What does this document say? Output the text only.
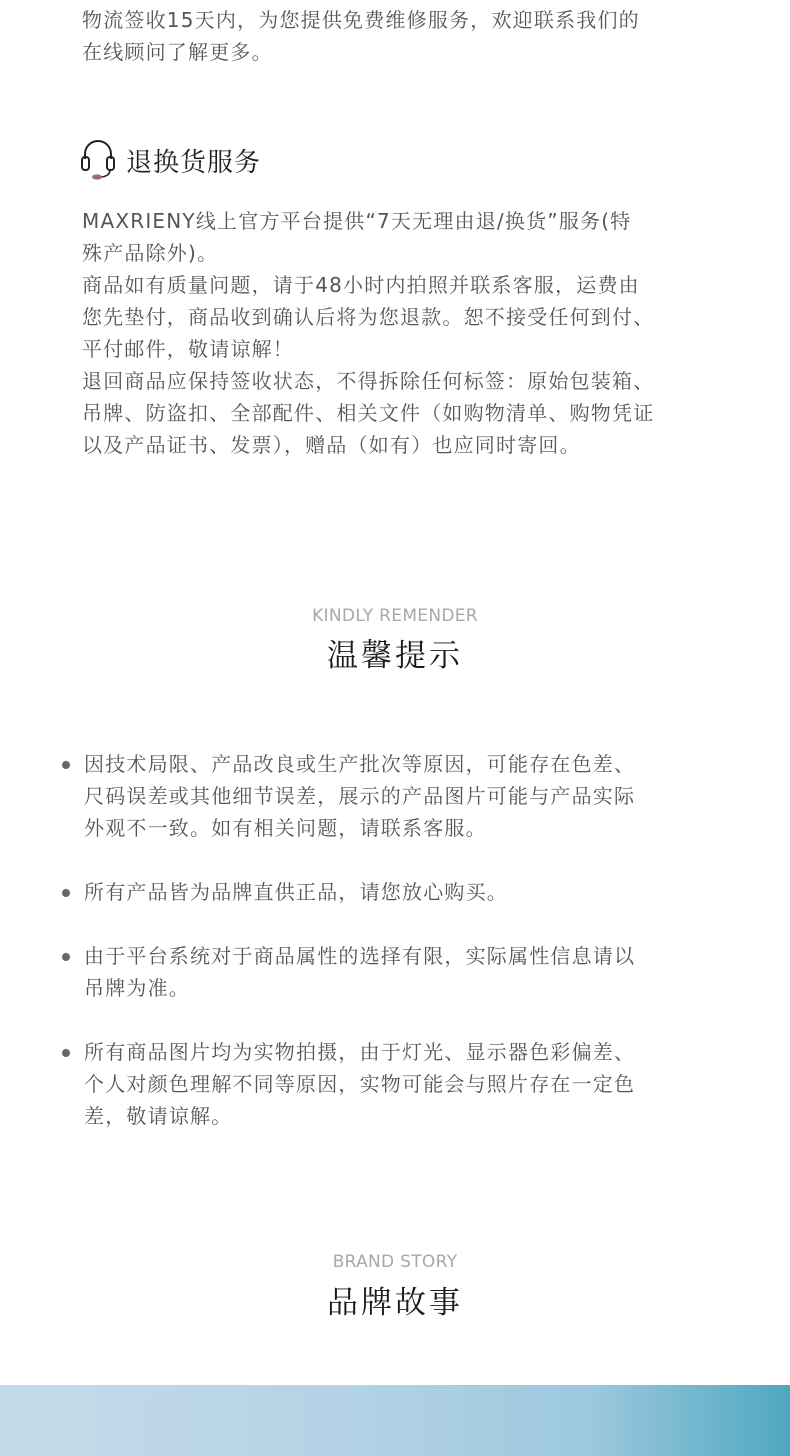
物流签收15天内，为您提供免费维修服务，欢迎联系我们的
在线顾问了解更多。
退换货服务
MAXRIENY线上官方平台提供“7天无理由退/换货”服务(特
殊产品除外)。
商品如有质量问题，请于48小时内拍照并联系客服，运费由
您先垫付，商品收到确认后将为您退款。恕不接受任何到付、
平付邮件，敬请谅解！
退回商品应保持签收状态，不得拆除任何标签：原始包装箱、
吊牌、防盗扣、全部配件、相关文件（如购物清单、购物凭证
以及产品证书、发票），赠品（如有）也应同时寄回。
KINDLY REMENDER
温馨提示
因技术局限、产品改良或生产批次等原因，可能存在色差、
尺码误差或其他细节误差，展示的产品图片可能与产品实际
外观不一致。如有相关问题，请联系客服。
所有产品皆为品牌直供正品，请您放心购买。
由于平台系统对于商品属性的选择有限，实际属性信息请以
吊牌为准。
所有商品图片均为实物拍摄，由于灯光、显示器色彩偏差、
个人对颜色理解不同等原因，实物可能会与照片存在一定色
差，敬请谅解。
BRAND STORY
品牌故事
